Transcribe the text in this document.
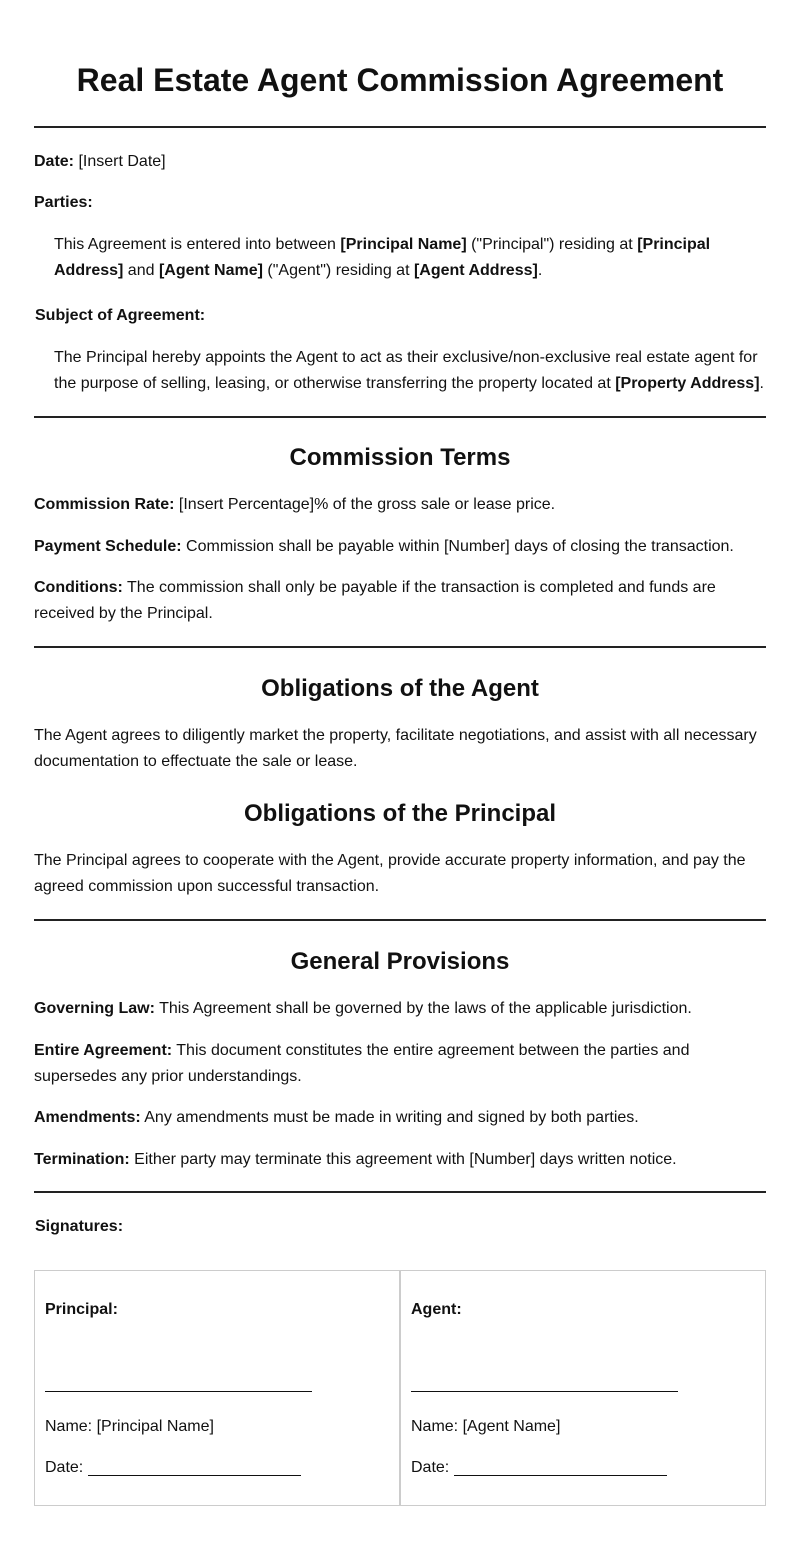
Real Estate Agent Commission Agreement

Date: [Insert Date]

Parties:

This Agreement is entered into between [Principal Name] ("Principal") residing at [Principal

Address] and [Agent Name] ("Agent") residing at [Agent Address].

Subject of Agreement:

The Principal hereby appoints the Agent to act as their exclusive/non-exclusive real estate agent for

the purpose of selling, leasing, or otherwise transferring the property located at [Property Address].

Commission Terms

Commission Rate: [Insert Percentage]% of the gross sale or lease price.

Payment Schedule: Commission shall be payable within [Number] days of closing the transaction.

Conditions: The commission shall only be payable if the transaction is completed and funds are

received by the Principal.

Obligations of the Agent

The Agent agrees to diligently market the property, facilitate negotiations, and assist with all necessary

documentation to effectuate the sale or lease.

Obligations of the Principal

The Principal agrees to cooperate with the Agent, provide accurate property information, and pay the

agreed commission upon successful transaction.

General Provisions

Governing Law: This Agreement shall be governed by the laws of the applicable jurisdiction.

Entire Agreement: This document constitutes the entire agreement between the parties and

supersedes any prior understandings.

Amendments: Any amendments must be made in writing and signed by both parties.

Termination: Either party may terminate this agreement with [Number] days written notice.

Signatures:

Principal:

Name: [Principal Name]

Date:

Agent:

Name: [Agent Name]

Date:
